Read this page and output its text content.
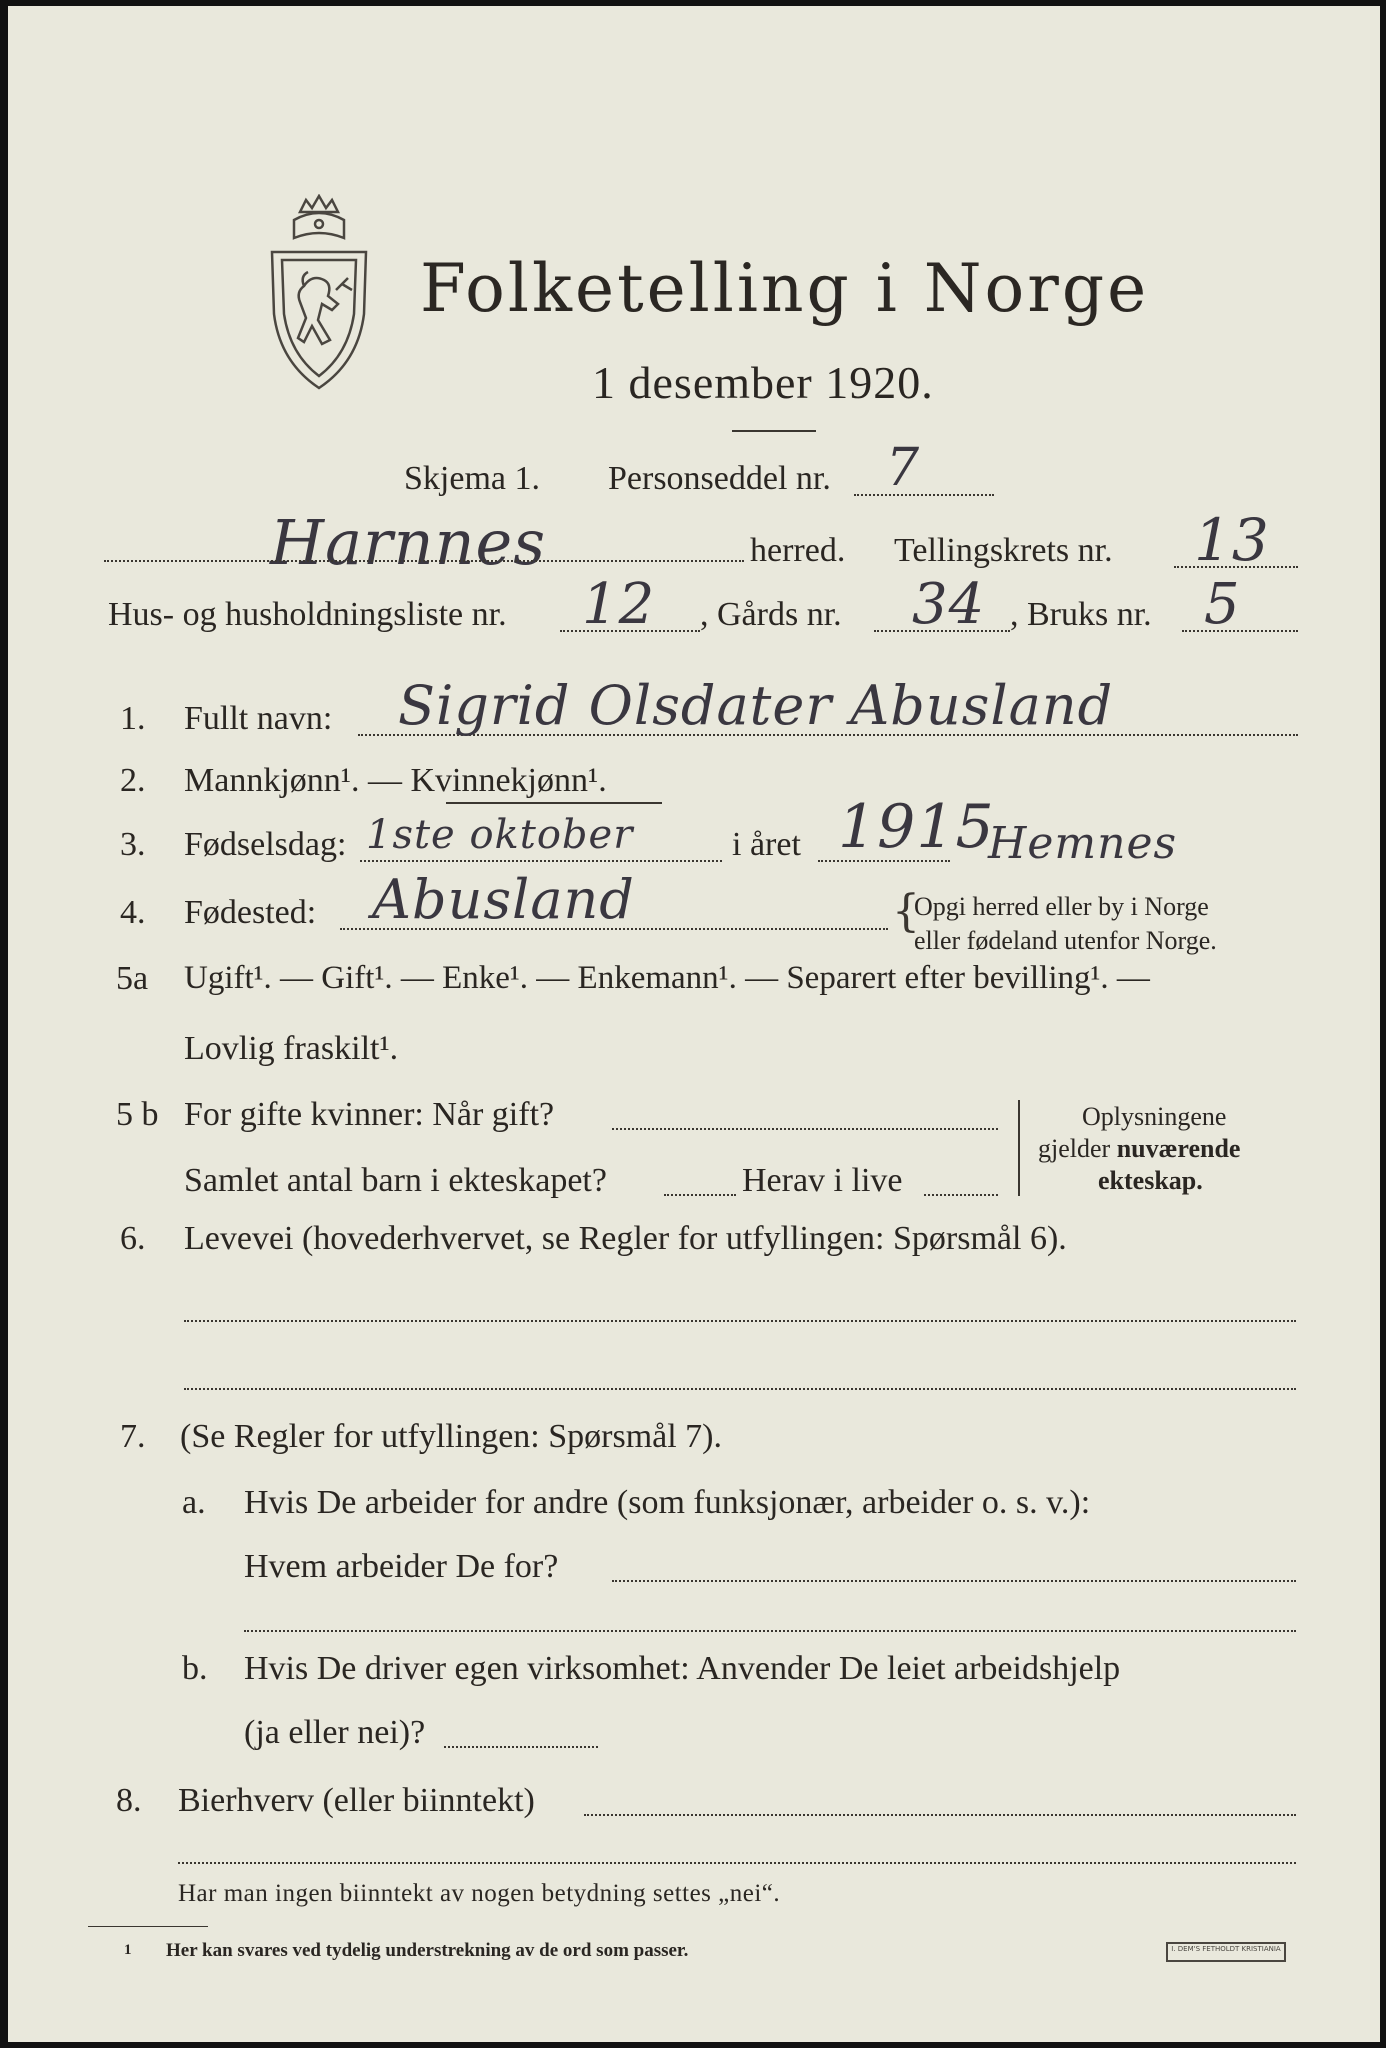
Folketelling i Norge
1 desember 1920.
Skjema 1. Personseddel nr. 7
Harnnes	herred. Tellingskrets nr. 13
Hus- og husholdningsliste nr. 12 , Gårds nr. 34 , Bruks nr. 5
1. Fullt navn: Sigrid Olsdater Abusland
2. Mannkjønn¹. — Kvinnekjønn¹.
3. Fødselsdag: 1ste oktober	i året 1915
Hemnes
4. Fødested: Abusland	{
Opgi herred eller by i Norge
eller fødeland utenfor Norge.
5a Ugift¹. — Gift¹. — Enke¹. — Enkemann¹. — Separert efter bevilling¹. —
Lovlig fraskilt¹.
5 b For gifte kvinner: Når gift?
Samlet antal barn i ekteskapet?	Herav i live
Oplysningene
gjelder nuværende
ekteskap.
6. Levevei (hovederhvervet, se Regler for utfyllingen: Spørsmål 6).
7. (Se Regler for utfyllingen: Spørsmål 7).
a. Hvis De arbeider for andre (som funksjonær, arbeider o. s. v.):
Hvem arbeider De for?
b. Hvis De driver egen virksomhet: Anvender De leiet arbeidshjelp
(ja eller nei)?
8. Bierhverv (eller biinntekt)
Har man ingen biinntekt av nogen betydning settes „nei“.
1 Her kan svares ved tydelig understrekning av de ord som passer.	I. DEM'S FETHOLDT KRISTIANIA
